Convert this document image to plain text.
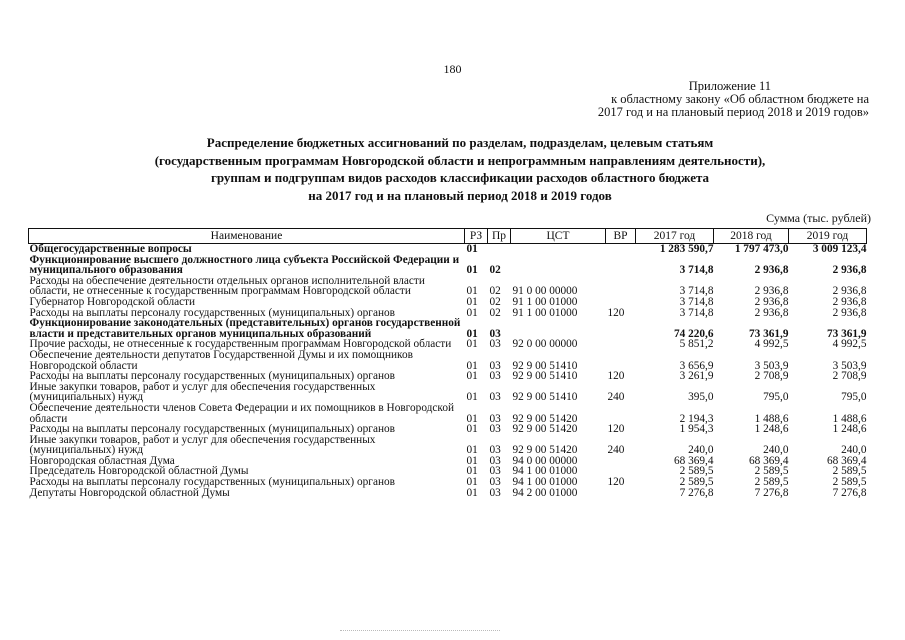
180
Приложение 11
к областному закону «Об областном бюджете на
2017 год и на плановый период 2018 и 2019 годов»
Распределение бюджетных ассигнований по разделам, подразделам, целевым статьям
(государственным программам Новгородской области и непрограммным направлениям деятельности),
группам и подгруппам видов расходов классификации расходов областного бюджета
на 2017 год и на плановый период 2018 и 2019 годов
Сумма (тыс. рублей)
Наименование	РЗ	Пр	ЦСТ	ВР	2017 год	2018 год	2019 год
Общегосударственные вопросы	01				1 283 590,7	1 797 473,0	3 009 123,4
Функционирование высшего должностного лица субъекта Российской Федерации и муниципального образования	01	02			3 714,8	2 936,8	2 936,8
Расходы на обеспечение деятельности отдельных органов исполнительной власти области, не отнесенные к государственным программам Новгородской области	01	02	91 0 00 00000		3 714,8	2 936,8	2 936,8
Губернатор Новгородской области	01	02	91 1 00 01000		3 714,8	2 936,8	2 936,8
Расходы на выплаты персоналу государственных (муниципальных) органов	01	02	91 1 00 01000	120	3 714,8	2 936,8	2 936,8
Функционирование законодательных (представительных) органов государственной власти и представительных органов муниципальных образований	01	03			74 220,6	73 361,9	73 361,9
Прочие расходы, не отнесенные к государственным программам Новгородской области	01	03	92 0 00 00000		5 851,2	4 992,5	4 992,5
Обеспечение деятельности депутатов Государственной Думы и их помощников Новгородской области	01	03	92 9 00 51410		3 656,9	3 503,9	3 503,9
Расходы на выплаты персоналу государственных (муниципальных) органов	01	03	92 9 00 51410	120	3 261,9	2 708,9	2 708,9
Иные закупки товаров, работ и услуг для обеспечения государственных (муниципальных) нужд	01	03	92 9 00 51410	240	395,0	795,0	795,0
Обеспечение деятельности членов Совета Федерации и их помощников в Новгородской области	01	03	92 9 00 51420		2 194,3	1 488,6	1 488,6
Расходы на выплаты персоналу государственных (муниципальных) органов	01	03	92 9 00 51420	120	1 954,3	1 248,6	1 248,6
Иные закупки товаров, работ и услуг для обеспечения государственных (муниципальных) нужд	01	03	92 9 00 51420	240	240,0	240,0	240,0
Новгородская областная Дума	01	03	94 0 00 00000		68 369,4	68 369,4	68 369,4
Председатель Новгородской областной Думы	01	03	94 1 00 01000		2 589,5	2 589,5	2 589,5
Расходы на выплаты персоналу государственных (муниципальных) органов	01	03	94 1 00 01000	120	2 589,5	2 589,5	2 589,5
Депутаты Новгородской областной Думы	01	03	94 2 00 01000		7 276,8	7 276,8	7 276,8
